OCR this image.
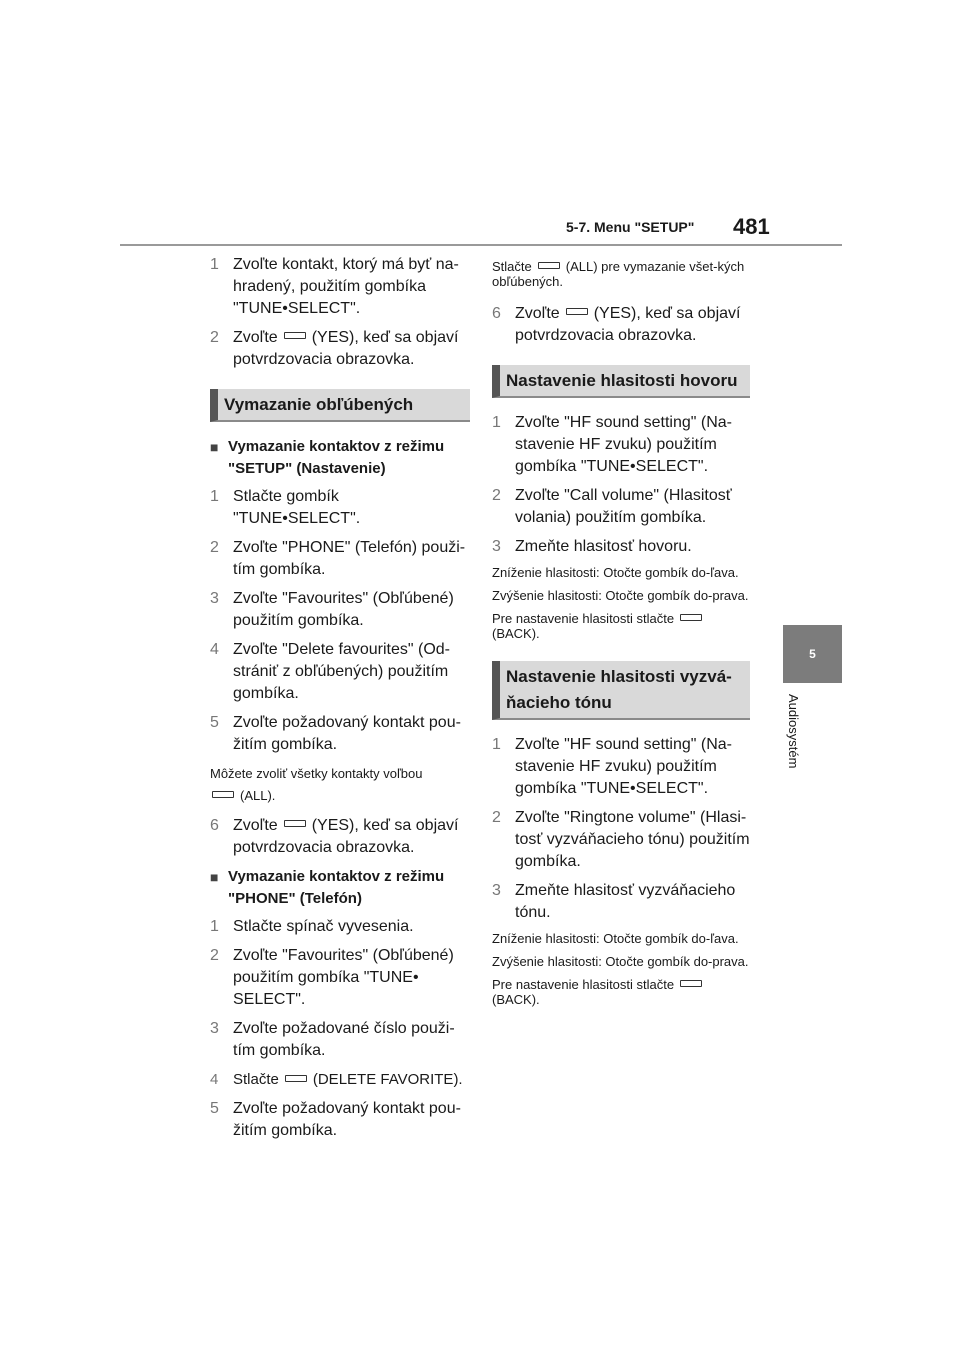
5-7. Menu "SETUP" 481
5
Audiosystém
1 Zvoľte kontakt, ktorý má byť na-hradený, použitím gombíka "TUNE•SELECT".
2 Zvoľte (YES), keď sa objaví potvrdzovacia obrazovka.
Vymazanie obľúbených
■ Vymazanie kontaktov z režimu "SETUP" (Nastavenie)
1 Stlačte gombík "TUNE•SELECT".
2 Zvoľte "PHONE" (Telefón) použi-tím gombíka.
3 Zvoľte "Favourites" (Obľúbené) použitím gombíka.
4 Zvoľte "Delete favourites" (Od-strániť z obľúbených) použitím gombíka.
5 Zvoľte požadovaný kontakt pou-žitím gombíka.
Môžete zvoliť všetky kontakty voľbou
(ALL).
6 Zvoľte (YES), keď sa objaví potvrdzovacia obrazovka.
■ Vymazanie kontaktov z režimu "PHONE" (Telefón)
1 Stlačte spínač vyvesenia.
2 Zvoľte "Favourites" (Obľúbené) použitím gombíka "TUNE• SELECT".
3 Zvoľte požadované číslo použi-tím gombíka.
4 Stlačte (DELETE FAVORITE).
5 Zvoľte požadovaný kontakt pou-žitím gombíka.
Stlačte	(ALL) pre vymazanie všet-kých obľúbených.
6 Zvoľte (YES), keď sa objaví potvrdzovacia obrazovka.
Nastavenie hlasitosti hovoru
1 Zvoľte "HF sound setting" (Na-stavenie HF zvuku) použitím gombíka "TUNE•SELECT".
2 Zvoľte "Call volume" (Hlasitosť volania) použitím gombíka.
3 Zmeňte hlasitosť hovoru.
Zníženie hlasitosti: Otočte gombík do-ľava.
Zvýšenie hlasitosti: Otočte gombík do-prava.
Pre nastavenie hlasitosti stlačte
(BACK).
Nastavenie hlasitosti vyzvá-ňacieho tónu
1 Zvoľte "HF sound setting" (Na-stavenie HF zvuku) použitím gombíka "TUNE•SELECT".
2 Zvoľte "Ringtone volume" (Hlasi-tosť vyzváňacieho tónu) použitím gombíka.
3 Zmeňte hlasitosť vyzváňacieho tónu.
Zníženie hlasitosti: Otočte gombík do-ľava.
Zvýšenie hlasitosti: Otočte gombík do-prava.
Pre nastavenie hlasitosti stlačte
(BACK).
